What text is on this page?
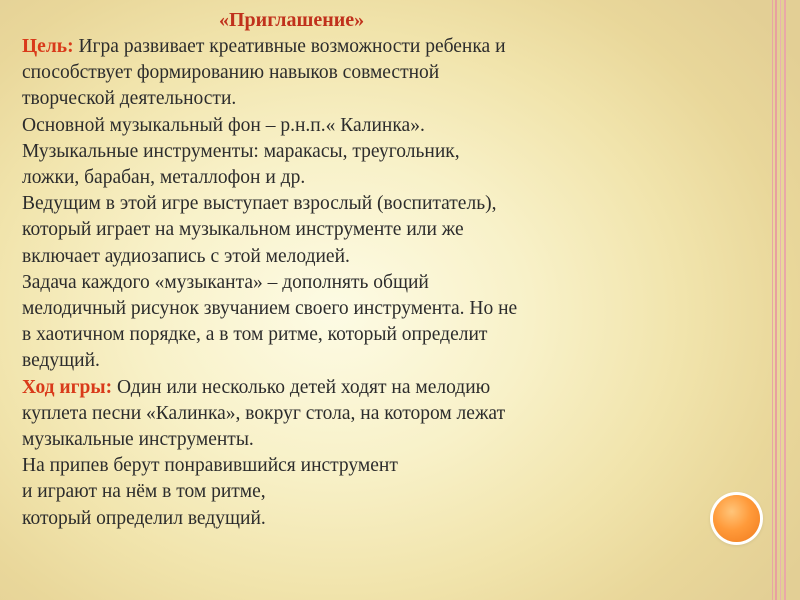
«Приглашение»
Цель: Игра развивает креативные возможности ребенка и
способствует формированию навыков совместной
творческой деятельности.
Основной музыкальный фон – р.н.п.« Калинка».
Музыкальные инструменты: маракасы, треугольник,
ложки, барабан, металлофон и др.
Ведущим в этой игре выступает взрослый (воспитатель),
который играет на музыкальном инструменте или же
включает аудиозапись с этой мелодией.
Задача каждого «музыканта» – дополнять общий
мелодичный рисунок звучанием своего инструмента. Но не
в хаотичном порядке, а в том ритме, который определит
ведущий.
Ход игры: Один или несколько детей ходят на мелодию
куплета песни «Калинка», вокруг стола, на котором лежат
музыкальные инструменты.
На припев берут понравившийся инструмент
и играют на нём в том ритме,
который определил ведущий.
